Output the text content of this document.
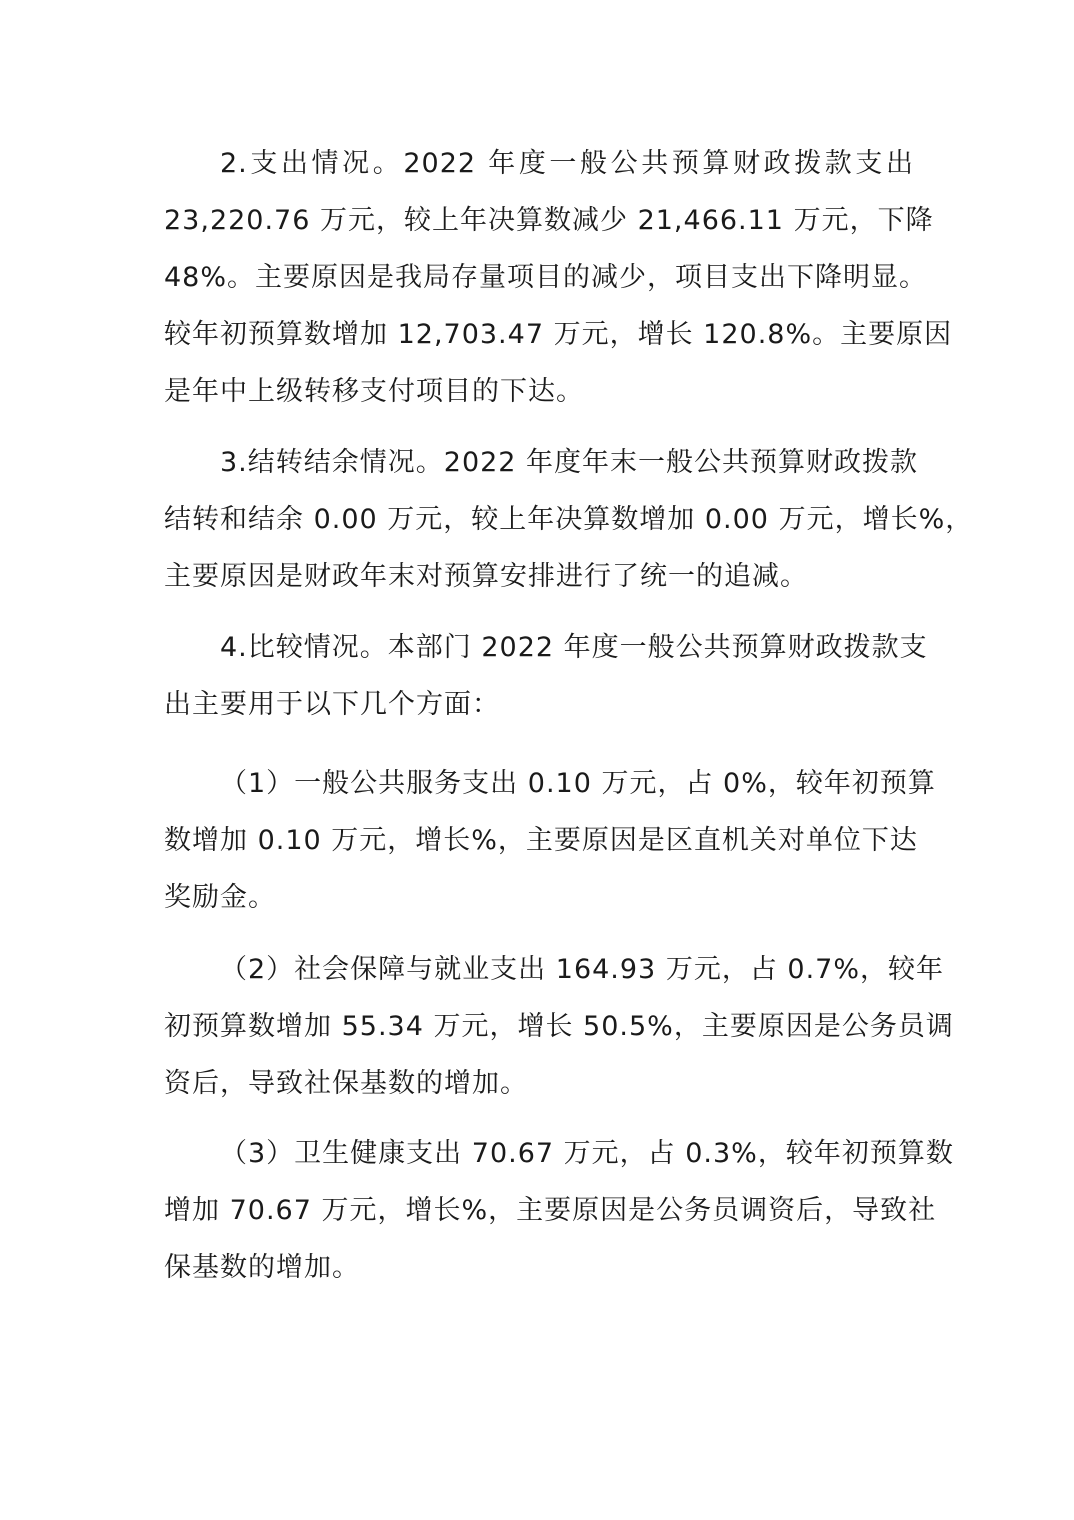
2.支出情况。2022 年度一般公共预算财政拨款支出
23,220.76 万元，较上年决算数减少 21,466.11 万元，下降
48%。主要原因是我局存量项目的减少，项目支出下降明显。
较年初预算数增加 12,703.47 万元，增长 120.8%。主要原因
是年中上级转移支付项目的下达。

3.结转结余情况。2022 年度年末一般公共预算财政拨款
结转和结余 0.00 万元，较上年决算数增加 0.00 万元，增长%，
主要原因是财政年末对预算安排进行了统一的追减。

4.比较情况。本部门 2022 年度一般公共预算财政拨款支
出主要用于以下几个方面：

（1）一般公共服务支出 0.10 万元，占 0%，较年初预算
数增加 0.10 万元，增长%，主要原因是区直机关对单位下达
奖励金。

（2）社会保障与就业支出 164.93 万元，占 0.7%，较年
初预算数增加 55.34 万元，增长 50.5%，主要原因是公务员调
资后，导致社保基数的增加。

（3）卫生健康支出 70.67 万元，占 0.3%，较年初预算数
增加 70.67 万元，增长%，主要原因是公务员调资后，导致社
保基数的增加。
